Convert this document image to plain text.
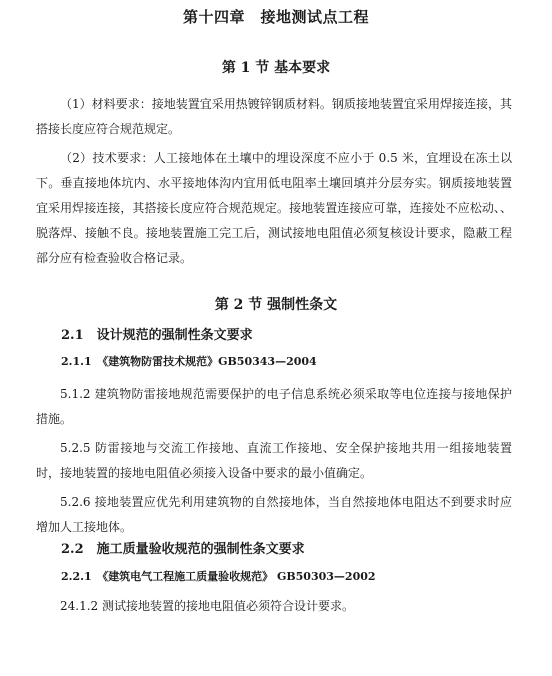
第十四章　接地测试点工程
第 1 节 基本要求
（1）材料要求：接地装置宜采用热镀锌钢质材料。钢质接地装置宜采用焊接连接，其搭接长度应符合规范规定。
（2）技术要求：人工接地体在土壤中的埋设深度不应小于 0.5 米，宜埋设在冻土以下。垂直接地体坑内、水平接地体沟内宜用低电阻率土壤回填并分层夯实。钢质接地装置宜采用焊接连接，其搭接长度应符合规范规定。接地装置连接应可靠，连接处不应松动、、脱落焊、接触不良。接地装置施工完工后，测试接地电阻值必须复核设计要求，隐蔽工程部分应有检查验收合格记录。
第 2 节 强制性条文
2.1　设计规范的强制性条文要求
2.1.1　《建筑物防雷技术规范》GB50343—2004
5.1.2 建筑物防雷接地规范需要保护的电子信息系统必须采取等电位连接与接地保护措施。
5.2.5 防雷接地与交流工作接地、直流工作接地、安全保护接地共用一组接地装置时，接地装置的接地电阻值必须接入设备中要求的最小值确定。
5.2.6 接地装置应优先利用建筑物的自然接地体，当自然接地体电阻达不到要求时应增加人工接地体。
2.2　施工质量验收规范的强制性条文要求
2.2.1　《建筑电气工程施工质量验收规范》 GB50303—2002
24.1.2 测试接地装置的接地电阻值必须符合设计要求。
